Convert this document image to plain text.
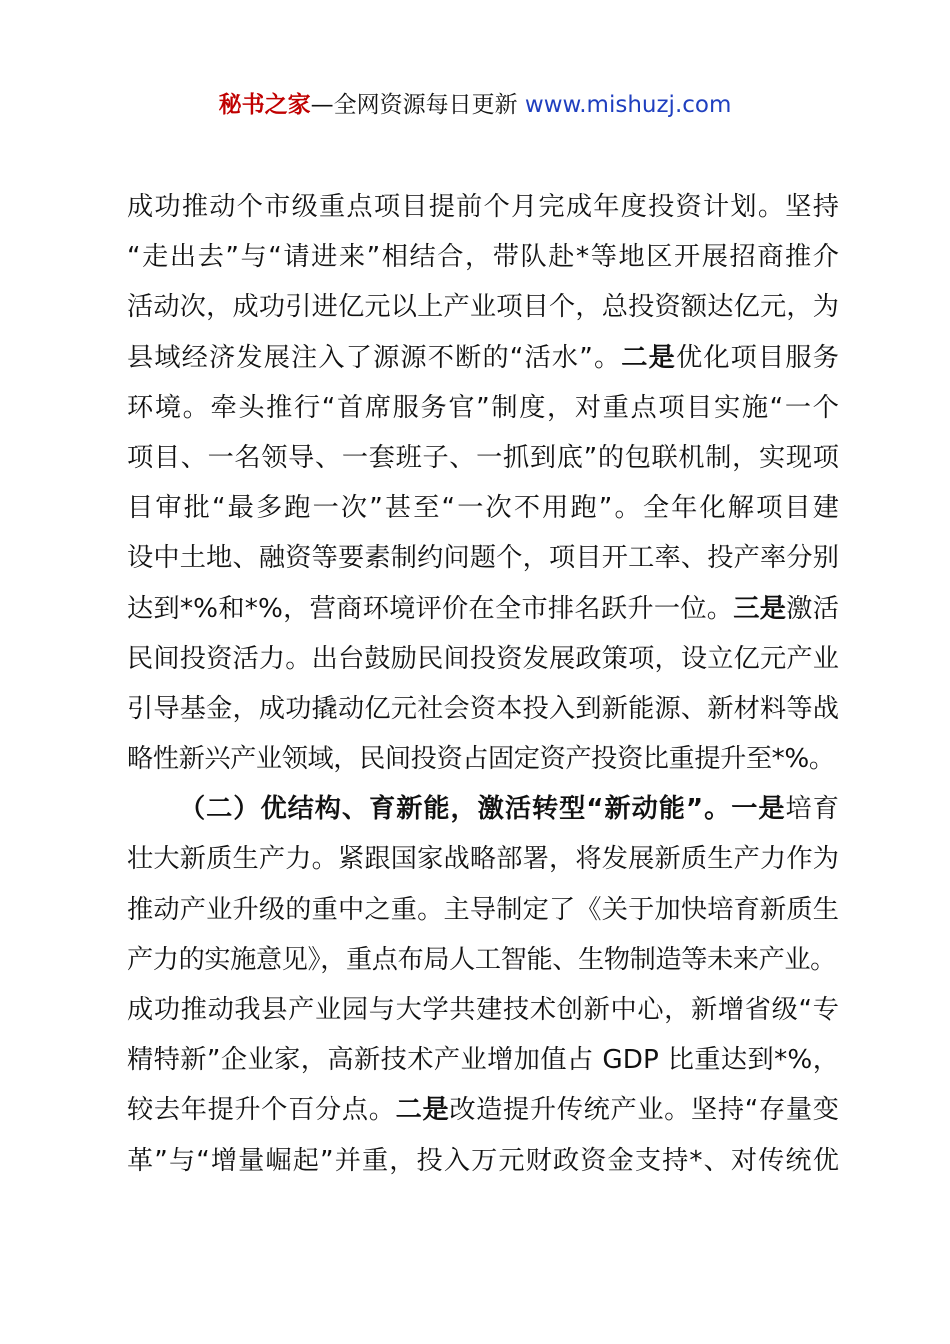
秘书之家—全网资源每日更新 www.mishuzj.com
成功推动个市级重点项目提前个月完成年度投资计划。坚持
“走出去”与“请进来”相结合，带队赴*等地区开展招商推介
活动次，成功引进亿元以上产业项目个，总投资额达亿元，为
县域经济发展注入了源源不断的“活水”。二是优化项目服务
环境。牵头推行“首席服务官”制度，对重点项目实施“一个
项目、一名领导、一套班子、一抓到底”的包联机制，实现项
目审批“最多跑一次”甚至“一次不用跑”。全年化解项目建
设中土地、融资等要素制约问题个，项目开工率、投产率分别
达到*%和*%，营商环境评价在全市排名跃升一位。三是激活
民间投资活力。出台鼓励民间投资发展政策项，设立亿元产业
引导基金，成功撬动亿元社会资本投入到新能源、新材料等战
略性新兴产业领域，民间投资占固定资产投资比重提升至*%。
（二）优结构、育新能，激活转型“新动能”。一是培育
壮大新质生产力。紧跟国家战略部署，将发展新质生产力作为
推动产业升级的重中之重。主导制定了《关于加快培育新质生
产力的实施意见》，重点布局人工智能、生物制造等未来产业。
成功推动我县产业园与大学共建技术创新中心，新增省级“专
精特新”企业家，高新技术产业增加值占 GDP 比重达到*%，
较去年提升个百分点。二是改造提升传统产业。坚持“存量变
革”与“增量崛起”并重，投入万元财政资金支持*、对传统优
